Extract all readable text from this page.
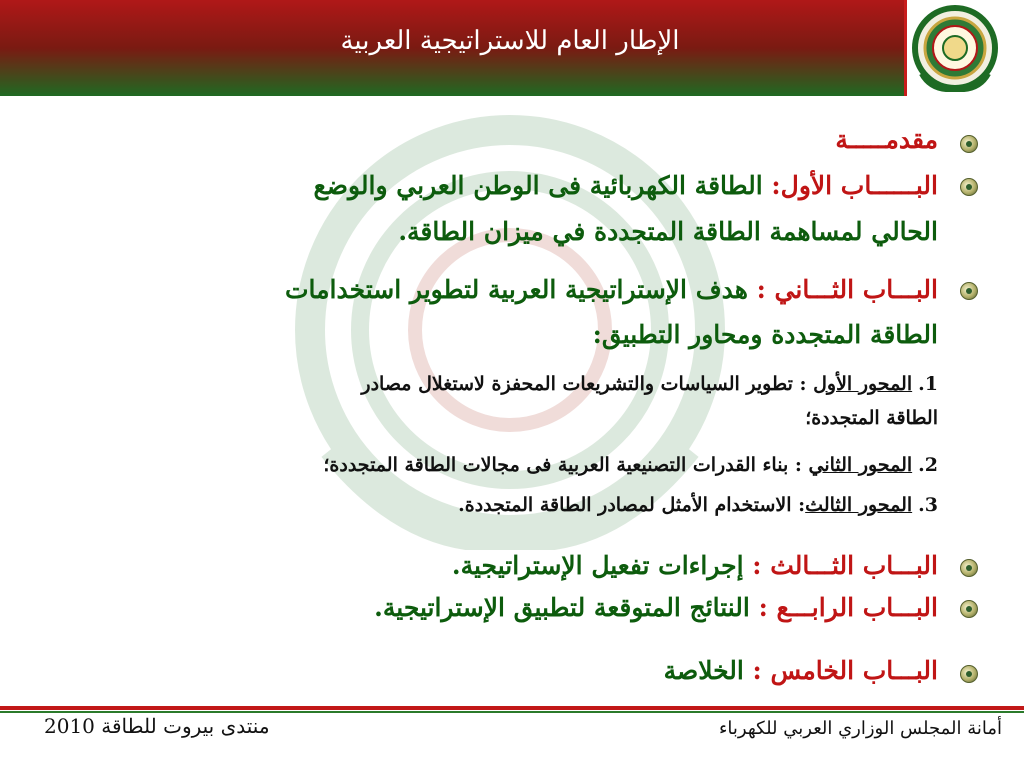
الإطار العام للاستراتيجية العربية
مقدمـــــة
البــــــاب الأول: الطاقة الكهربائية فى الوطن العربي والوضع
الحالي لمساهمة الطاقة المتجددة في ميزان الطاقة.
البـــاب الثـــاني : هدف الإستراتيجية العربية لتطوير استخدامات
الطاقة المتجددة ومحاور التطبيق:
1.المحور الأول : تطوير السياسات والتشريعات المحفزة لاستغلال مصادر
الطاقة المتجددة؛
2.المحور الثاني : بناء القدرات التصنيعية العربية فى مجالات الطاقة المتجددة؛
3.المحور الثالث: الاستخدام الأمثل لمصادر الطاقة المتجددة.
البـــاب الثـــالث : إجراءات تفعيل الإستراتيجية.
البـــاب الرابـــع : النتائج المتوقعة لتطبيق الإستراتيجية.
البـــاب الخامس : الخلاصة
منتدى بيروت للطاقة 2010	أمانة المجلس الوزاري العربي للكهرباء
